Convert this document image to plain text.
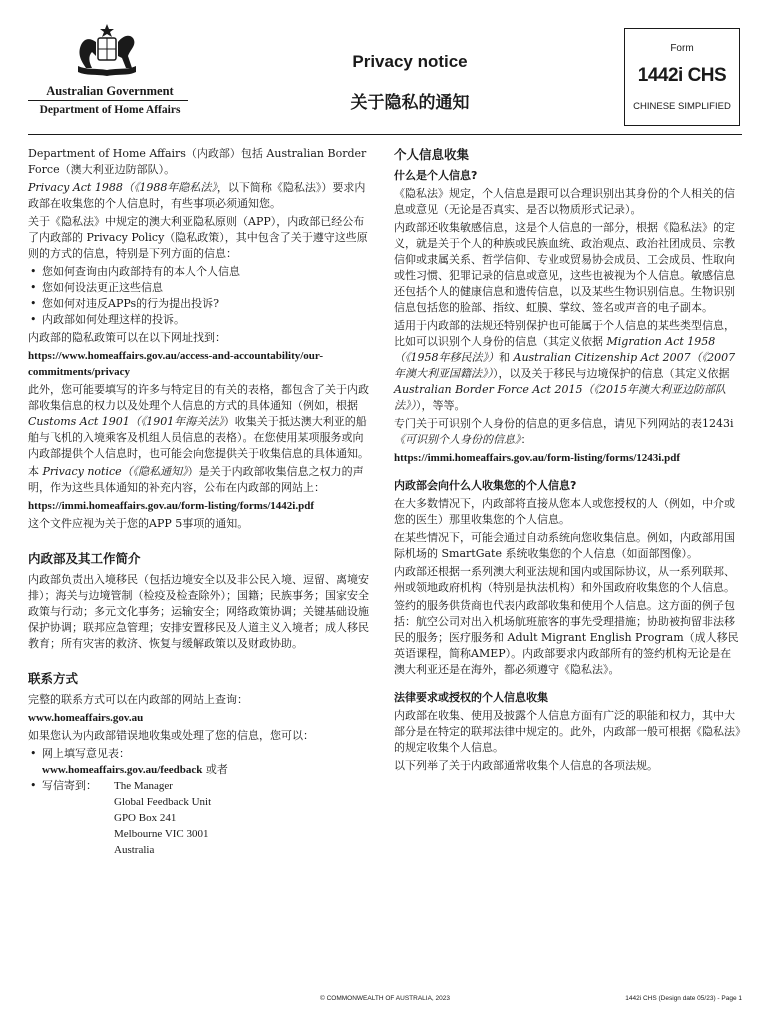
Australian Government
Department of Home Affairs
Privacy notice
关于隐私的通知
Form
1442i CHS
CHINESE SIMPLIFIED

Department of Home Affairs（内政部）包括 Australian Border Force（澳大利亚边防部队）。

Privacy Act 1988（《1988年隐私法》，以下简称《隐私法》）要求内政部在收集您的个人信息时，有些事项必须通知您。

关于《隐私法》中规定的澳大利亚隐私原则（APP），内政部已经公布了内政部的 Privacy Policy（隐私政策），其中包含了关于遵守这些原则的方式的信息，特别是下列方面的信息：

• 您如何查询由内政部持有的本人个人信息
• 您如何设法更正这些信息
• 您如何对违反APPs的行为提出投诉?
• 内政部如何处理这样的投诉。

内政部的隐私政策可以在以下网址找到：

https://www.homeaffairs.gov.au/access-and-accountability/our-commitments/privacy

此外，您可能要填写的许多与特定目的有关的表格，都包含了关于内政部收集信息的权力以及处理个人信息的方式的具体通知（例如，根据 Customs Act 1901（《1901年海关法》）收集关于抵达澳大利亚的船舶与飞机的入境乘客及机组人员信息的表格）。在您使用某项服务或向内政部提供个人信息时，也可能会向您提供关于收集信息的具体通知。

本 Privacy notice（《隐私通知》）是关于内政部收集信息之权力的声明，作为这些具体通知的补充内容，公布在内政部的网站上：

https://immi.homeaffairs.gov.au/form-listing/forms/1442i.pdf

这个文件应视为关于您的APP 5事项的通知。

内政部及其工作简介

内政部负责出入境移民（包括边境安全以及非公民入境、逗留、离境安排）；海关与边境管制（检疫及检查除外）；国籍；民族事务；国家安全政策与行动；多元文化事务；运输安全；网络政策协调；关键基础设施保护协调；联邦应急管理；安排安置移民及人道主义入境者；成人移民教育；所有灾害的救济、恢复与缓解政策以及财政协助。

联系方式

完整的联系方式可以在内政部的网站上查询：

www.homeaffairs.gov.au

如果您认为内政部错误地收集或处理了您的信息，您可以：

• 网上填写意见表：
www.homeaffairs.gov.au/feedback 或者
• 写信寄到：	The Manager
Global Feedback Unit
GPO Box 241
Melbourne VIC 3001
Australia
个人信息收集
什么是个人信息?

《隐私法》规定，个人信息是跟可以合理识别出其身份的个人相关的信息或意见（无论是否真实、是否以物质形式记录）。

内政部还收集敏感信息，这是个人信息的一部分，根据《隐私法》的定义，就是关于个人的种族或民族血统、政治观点、政治社团成员、宗教信仰或隶属关系、哲学信仰、专业或贸易协会成员、工会成员、性取向或性习惯、犯罪记录的信息或意见，这些也被视为个人信息。敏感信息还包括个人的健康信息和遗传信息，以及某些生物识别信息。生物识别信息包括您的脸部、指纹、虹膜、掌纹、签名或声音的电子副本。

适用于内政部的法规还特别保护也可能属于个人信息的某些类型信息，比如可以识别个人身份的信息（其定义依据 Migration Act 1958（《1958年移民法》）和 Australian Citizenship Act 2007（《2007年澳大利亚国籍法》）），以及关于移民与边境保护的信息（其定义依据 Australian Border Force Act 2015（《2015年澳大利亚边防部队法》）），等等。

专门关于可识别个人身份的信息的更多信息，请见下列网站的表1243i《可识别个人身份的信息》：

https://immi.homeaffairs.gov.au/form-listing/forms/1243i.pdf

内政部会向什么人收集您的个人信息?

在大多数情况下，内政部将直接从您本人或您授权的人（例如，中介或您的医生）那里收集您的个人信息。

在某些情况下，可能会通过自动系统向您收集信息。例如，内政部用国际机场的 SmartGate 系统收集您的个人信息（如面部图像）。

内政部还根据一系列澳大利亚法规和国内或国际协议，从一系列联邦、州或领地政府机构（特别是执法机构）和外国政府收集您的个人信息。

签约的服务供货商也代表内政部收集和使用个人信息。这方面的例子包括：航空公司对出入机场航班旅客的事先受理措施；协助被拘留非法移民的服务；医疗服务和 Adult Migrant English Program（成人移民英语课程，简称AMEP）。内政部要求内政部所有的签约机构无论是在澳大利亚还是在海外，都必须遵守《隐私法》。

法律要求或授权的个人信息收集

内政部在收集、使用及披露个人信息方面有广泛的职能和权力，其中大部分是在特定的联邦法律中规定的。此外，内政部一般可根据《隐私法》的规定收集个人信息。

以下列举了关于内政部通常收集个人信息的各项法规。

© COMMONWEALTH OF AUSTRALIA, 2023	1442i CHS (Design date 05/23) - Page 1
